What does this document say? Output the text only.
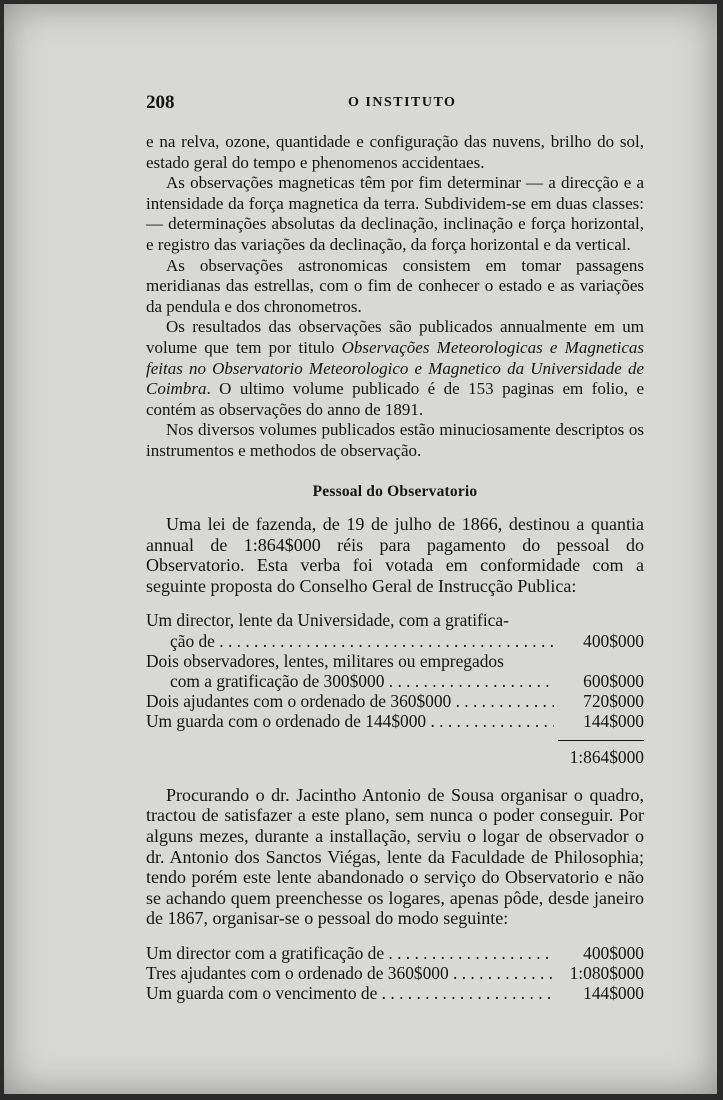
208	O INSTITUTO

e na relva, ozone, quantidade e configuração das nuvens, brilho do sol, estado geral do tempo e phenomenos accidentaes.

As observações magneticas têm por fim determinar — a direcção e a intensidade da força magnetica da terra. Subdividem-se em duas classes: — determinações absolutas da declinação, inclinação e força horizontal, e registro das variações da declinação, da força horizontal e da vertical.

As observações astronomicas consistem em tomar passagens meridianas das estrellas, com o fim de conhecer o estado e as variações da pendula e dos chronometros.

Os resultados das observações são publicados annualmente em um volume que tem por titulo Observações Meteorologicas e Magneticas feitas no Observatorio Meteorologico e Magnetico da Universidade de Coimbra. O ultimo volume publicado é de 153 paginas em folio, e contém as observações do anno de 1891.

Nos diversos volumes publicados estão minuciosamente descriptos os instrumentos e methodos de observação.

Pessoal do Observatorio

Uma lei de fazenda, de 19 de julho de 1866, destinou a quantia annual de 1:864$000 réis para pagamento do pessoal do Observatorio. Esta verba foi votada em conformidade com a seguinte proposta do Conselho Geral de Instrucção Publica:

Um director, lente da Universidade, com a gratifica-
ção de . . .	400$000
Dois observadores, lentes, militares ou empregados
com a gratificação de 300$000 . . .	600$000
Dois ajudantes com o ordenado de 360$000 . . .	720$000
Um guarda com o ordenado de 144$000 . . .	144$000
1:864$000

Procurando o dr. Jacintho Antonio de Sousa organisar o quadro, tractou de satisfazer a este plano, sem nunca o poder conseguir. Por alguns mezes, durante a installação, serviu o logar de observador o dr. Antonio dos Sanctos Viégas, lente da Faculdade de Philosophia; tendo porém este lente abandonado o serviço do Observatorio e não se achando quem preenchesse os logares, apenas pôde, desde janeiro de 1867, organisar-se o pessoal do modo seguinte:

Um director com a gratificação de . . .	400$000
Tres ajudantes com o ordenado de 360$000 . . .	1:080$000
Um guarda com o vencimento de . . .	144$000
